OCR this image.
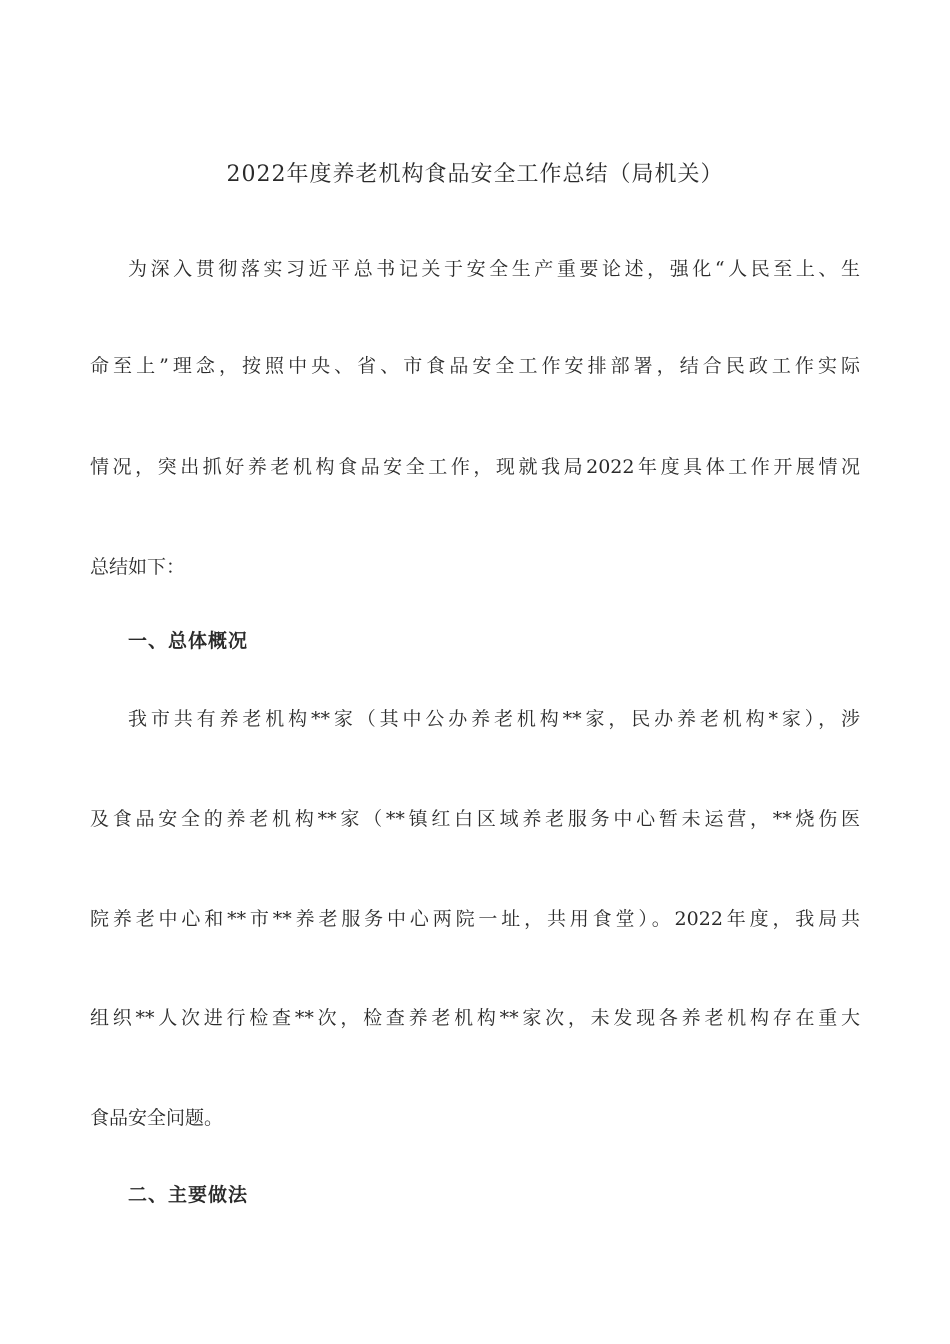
2022年度养老机构食品安全工作总结（局机关）

为深入贯彻落实习近平总书记关于安全生产重要论述，强化“人民至上、生

命至上”理念，按照中央、省、市食品安全工作安排部署，结合民政工作实际

情况，突出抓好养老机构食品安全工作，现就我局2022年度具体工作开展情况

总结如下：

一、总体概况

我市共有养老机构**家（其中公办养老机构**家，民办养老机构*家），涉

及食品安全的养老机构**家（**镇红白区域养老服务中心暂未运营，**烧伤医

院养老中心和**市**养老服务中心两院一址，共用食堂）。2022年度，我局共

组织**人次进行检查**次，检查养老机构**家次，未发现各养老机构存在重大

食品安全问题。

二、主要做法
